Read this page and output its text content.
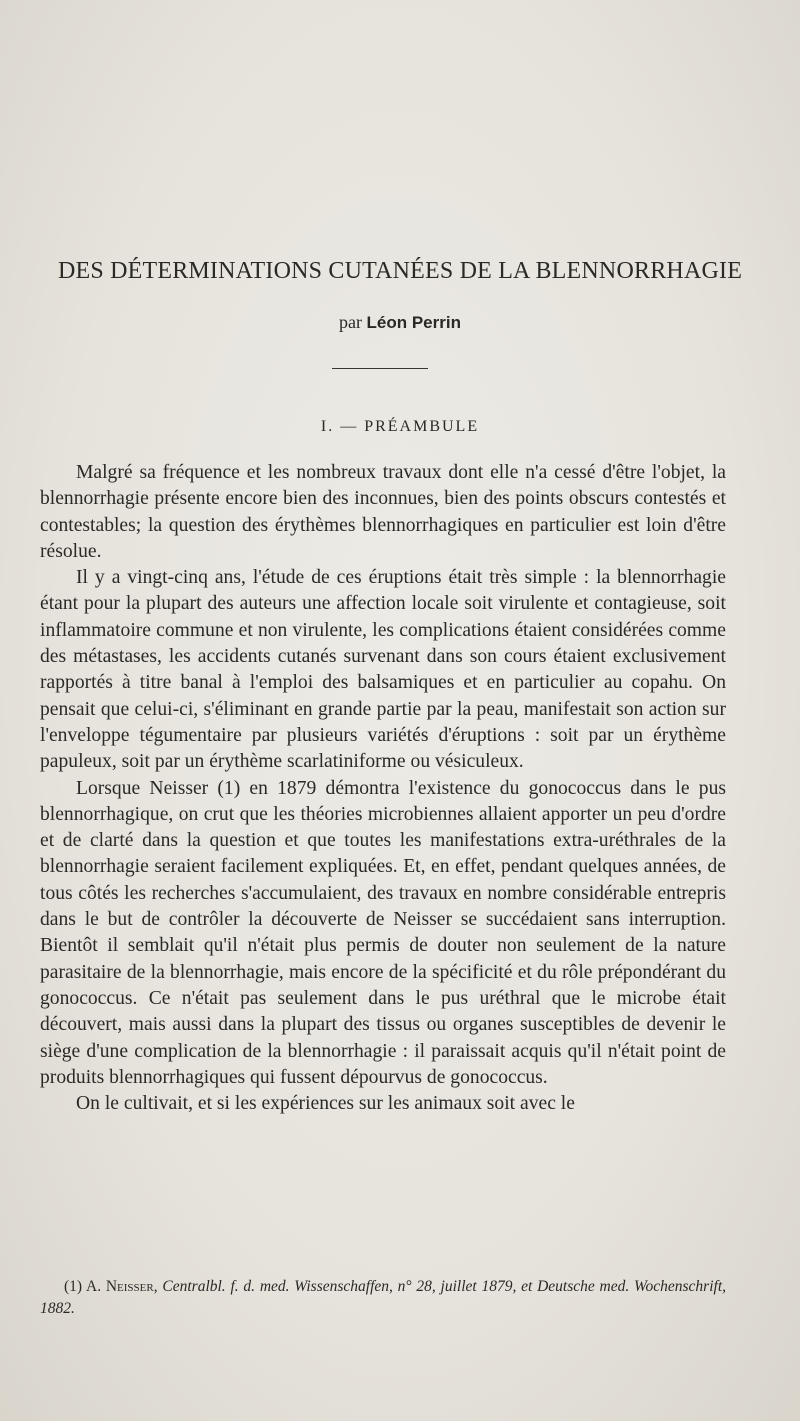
DES DÉTERMINATIONS CUTANÉES DE LA BLENNORRHAGIE
par Léon Perrin
I. — PRÉAMBULE

Malgré sa fréquence et les nombreux travaux dont elle n'a cessé d'être l'objet, la blennorrhagie présente encore bien des inconnues, bien des points obscurs contestés et contestables; la question des érythèmes blennorrhagiques en particulier est loin d'être résolue.

Il y a vingt-cinq ans, l'étude de ces éruptions était très simple : la blennorrhagie étant pour la plupart des auteurs une affection locale soit virulente et contagieuse, soit inflammatoire commune et non virulente, les complications étaient considérées comme des métastases, les accidents cutanés survenant dans son cours étaient exclusivement rapportés à titre banal à l'emploi des balsamiques et en particulier au copahu. On pensait que celui-ci, s'éliminant en grande partie par la peau, manifestait son action sur l'enveloppe tégumentaire par plusieurs variétés d'éruptions : soit par un érythème papuleux, soit par un érythème scarlatiniforme ou vésiculeux.

Lorsque Neisser (1) en 1879 démontra l'existence du gonococcus dans le pus blennorrhagique, on crut que les théories microbiennes allaient apporter un peu d'ordre et de clarté dans la question et que toutes les manifestations extra-uréthrales de la blennorrhagie seraient facilement expliquées. Et, en effet, pendant quelques années, de tous côtés les recherches s'accumulaient, des travaux en nombre considérable entrepris dans le but de contrôler la découverte de Neisser se succédaient sans interruption. Bientôt il semblait qu'il n'était plus permis de douter non seulement de la nature parasitaire de la blennorrhagie, mais encore de la spécificité et du rôle prépondérant du gonococcus. Ce n'était pas seulement dans le pus uréthral que le microbe était découvert, mais aussi dans la plupart des tissus ou organes susceptibles de devenir le siège d'une complication de la blennorrhagie : il paraissait acquis qu'il n'était point de produits blennorrhagiques qui fussent dépourvus de gonococcus.

On le cultivait, et si les expériences sur les animaux soit avec le

(1) A. Neisser, Centralbl. f. d. med. Wissenschaffen, n° 28, juillet 1879, et Deutsche med. Wochenschrift, 1882.
